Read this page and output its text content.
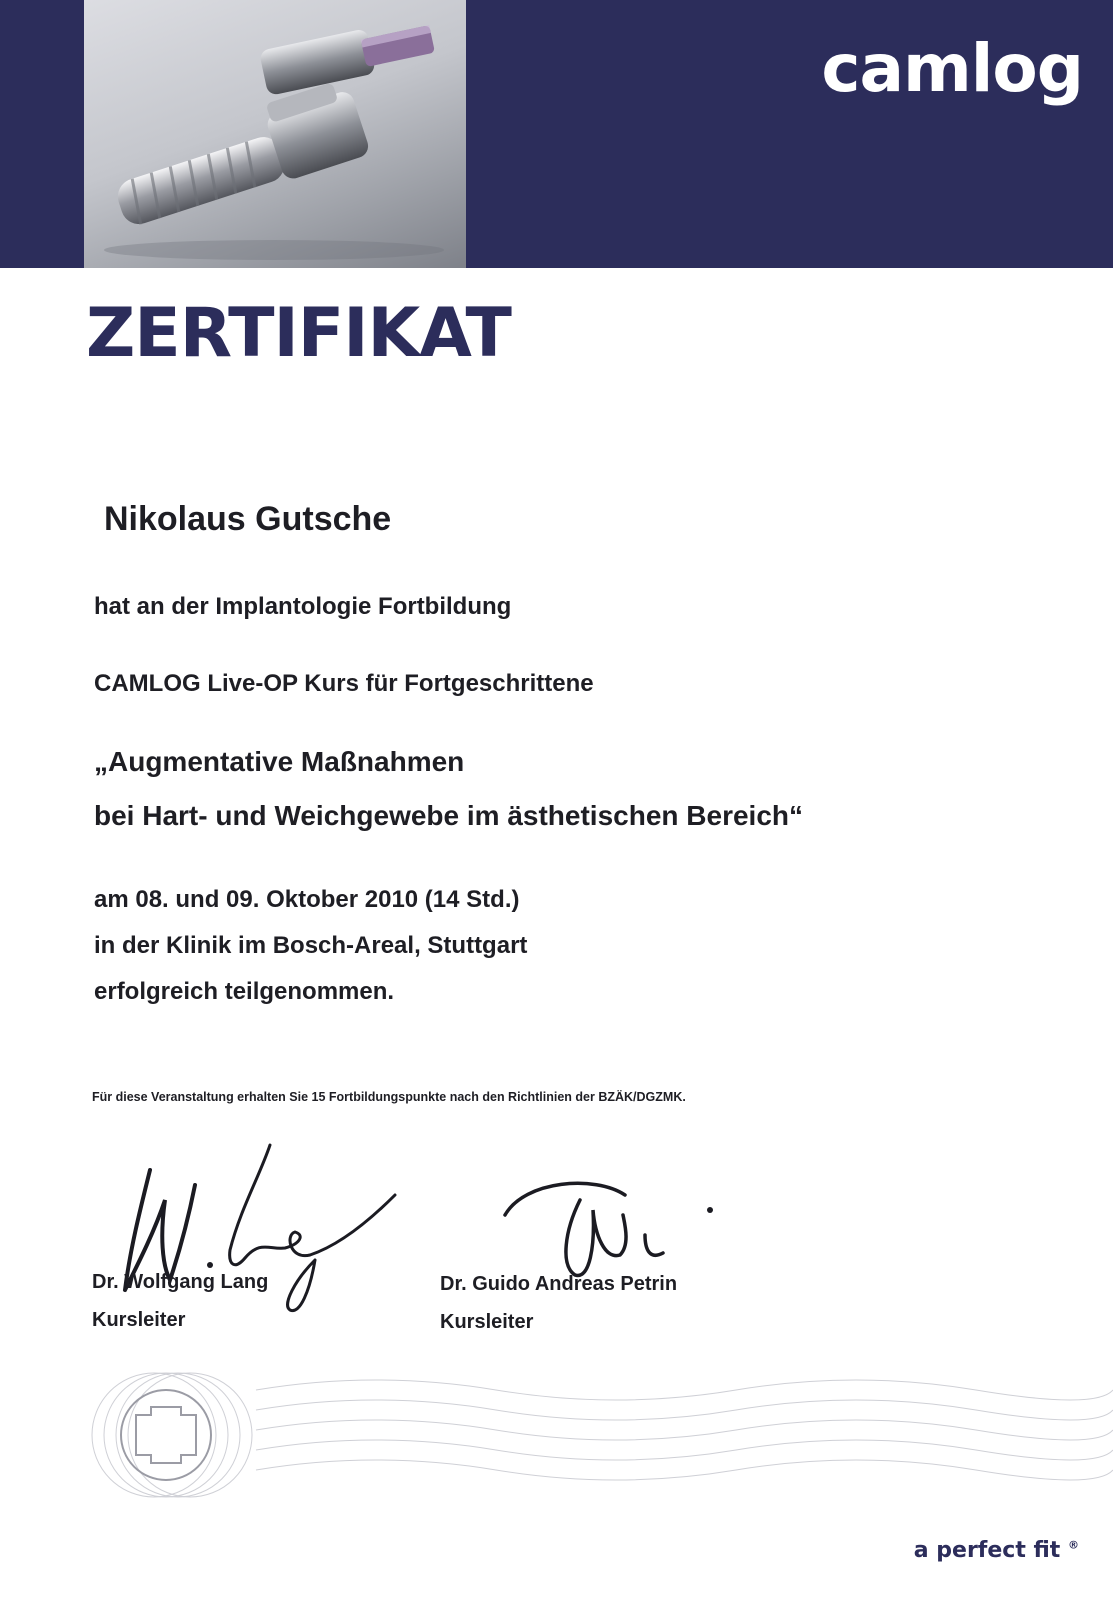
camlog
ZERTIFIKAT
Nikolaus Gutsche
hat an der Implantologie Fortbildung
CAMLOG Live-OP Kurs für Fortgeschrittene
„Augmentative Maßnahmen
bei Hart- und Weichgewebe im ästhetischen Bereich“
am 08. und 09. Oktober 2010 (14 Std.)
in der Klinik im Bosch-Areal, Stuttgart
erfolgreich teilgenommen.
Für diese Veranstaltung erhalten Sie 15 Fortbildungspunkte nach den Richtlinien der BZÄK/DGZMK.
Dr. Wolfgang Lang
Kursleiter
Dr. Guido Andreas Petrin
Kursleiter
a perfect fit ®
